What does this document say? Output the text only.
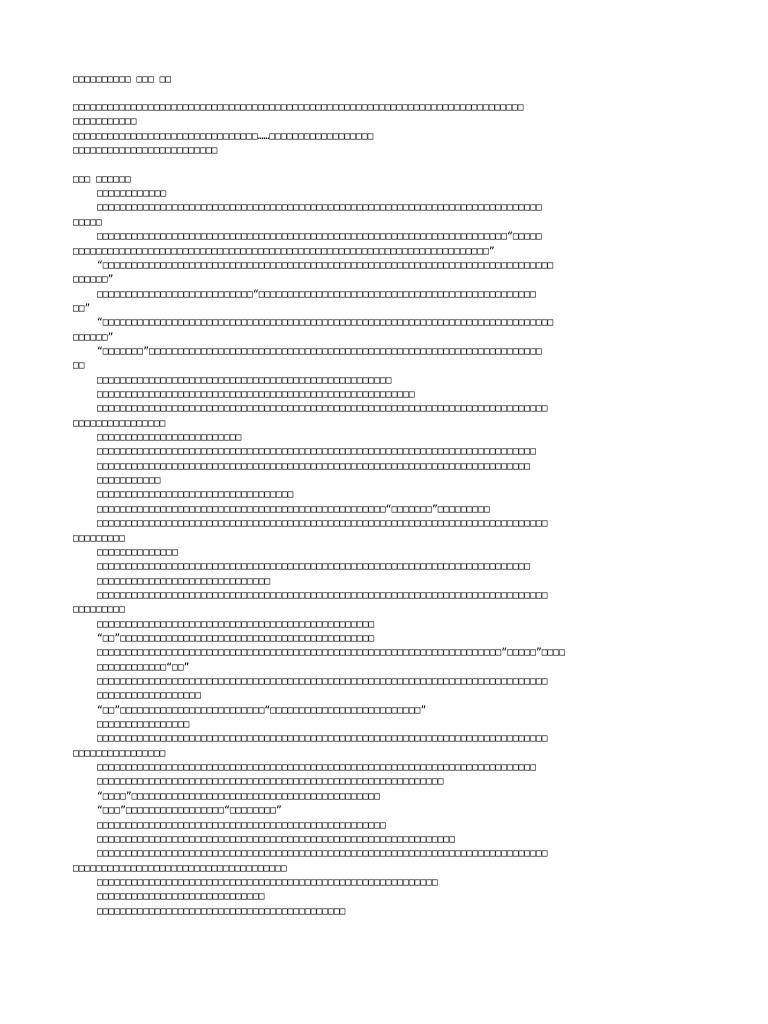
□□□□□□□□□□ □□□ □□
□□□□□□□□□□□□□□□□□□□□□□□□□□□□□□□□□□□□□□□□□□□□□□□□□□□□□□□□□□□□□□□□□□□□□□□□□□□□□□
□□□□□□□□□□□
□□□□□□□□□□□□□□□□□□□□□□□□□□□□□□□□……□□□□□□□□□□□□□□□□□□
□□□□□□□□□□□□□□□□□□□□□□□□□
□□□ □□□□□□
□□□□□□□□□□□□
□□□□□□□□□□□□□□□□□□□□□□□□□□□□□□□□□□□□□□□□□□□□□□□□□□□□□□□□□□□□□□□□□□□□□□□□□□□□□
□□□□□
□□□□□□□□□□□□□□□□□□□□□□□□□□□□□□□□□□□□□□□□□□□□□□□□□□□□□□□□□□□□□□□□□□□□□□□“□□□□□
□□□□□□□□□□□□□□□□□□□□□□□□□□□□□□□□□□□□□□□□□□□□□□□□□□□□□□□□□□□□□□□□□□□□□□□□”
“□□□□□□□□□□□□□□□□□□□□□□□□□□□□□□□□□□□□□□□□□□□□□□□□□□□□□□□□□□□□□□□□□□□□□□□□□□□□□□
□□□□□□”
□□□□□□□□□□□□□□□□□□□□□□□□□□□“□□□□□□□□□□□□□□□□□□□□□□□□□□□□□□□□□□□□□□□□□□□□□□□□
□□”
“□□□□□□□□□□□□□□□□□□□□□□□□□□□□□□□□□□□□□□□□□□□□□□□□□□□□□□□□□□□□□□□□□□□□□□□□□□□□□□
□□□□□□”
“□□□□□□□”□□□□□□□□□□□□□□□□□□□□□□□□□□□□□□□□□□□□□□□□□□□□□□□□□□□□□□□□□□□□□□□□□□□□
□□
□□□□□□□□□□□□□□□□□□□□□□□□□□□□□□□□□□□□□□□□□□□□□□□□□□□
□□□□□□□□□□□□□□□□□□□□□□□□□□□□□□□□□□□□□□□□□□□□□□□□□□□□□□□
□□□□□□□□□□□□□□□□□□□□□□□□□□□□□□□□□□□□□□□□□□□□□□□□□□□□□□□□□□□□□□□□□□□□□□□□□□□□□□
□□□□□□□□□□□□□□□□
□□□□□□□□□□□□□□□□□□□□□□□□□
□□□□□□□□□□□□□□□□□□□□□□□□□□□□□□□□□□□□□□□□□□□□□□□□□□□□□□□□□□□□□□□□□□□□□□□□□□□□
□□□□□□□□□□□□□□□□□□□□□□□□□□□□□□□□□□□□□□□□□□□□□□□□□□□□□□□□□□□□□□□□□□□□□□□□□□□
□□□□□□□□□□□
□□□□□□□□□□□□□□□□□□□□□□□□□□□□□□□□□□
□□□□□□□□□□□□□□□□□□□□□□□□□□□□□□□□□□□□□□□□□□□□□□□□□□“□□□□□□□”□□□□□□□□□
□□□□□□□□□□□□□□□□□□□□□□□□□□□□□□□□□□□□□□□□□□□□□□□□□□□□□□□□□□□□□□□□□□□□□□□□□□□□□□
□□□□□□□□□
□□□□□□□□□□□□□□
□□□□□□□□□□□□□□□□□□□□□□□□□□□□□□□□□□□□□□□□□□□□□□□□□□□□□□□□□□□□□□□□□□□□□□□□□□□
□□□□□□□□□□□□□□□□□□□□□□□□□□□□□□
□□□□□□□□□□□□□□□□□□□□□□□□□□□□□□□□□□□□□□□□□□□□□□□□□□□□□□□□□□□□□□□□□□□□□□□□□□□□□□
□□□□□□□□□
□□□□□□□□□□□□□□□□□□□□□□□□□□□□□□□□□□□□□□□□□□□□□□□□
“□□”□□□□□□□□□□□□□□□□□□□□□□□□□□□□□□□□□□□□□□□□□□□□
□□□□□□□□□□□□□□□□□□□□□□□□□□□□□□□□□□□□□□□□□□□□□□□□□□□□□□□□□□□□□□□□□□□□□□“□□□□□”□□□□
□□□□□□□□□□□□“□□”
□□□□□□□□□□□□□□□□□□□□□□□□□□□□□□□□□□□□□□□□□□□□□□□□□□□□□□□□□□□□□□□□□□□□□□□□□□□□□□
□□□□□□□□□□□□□□□□□□
“□□”□□□□□□□□□□□□□□□□□□□□□□□□□“□□□□□□□□□□□□□□□□□□□□□□□□□□”
□□□□□□□□□□□□□□□□
□□□□□□□□□□□□□□□□□□□□□□□□□□□□□□□□□□□□□□□□□□□□□□□□□□□□□□□□□□□□□□□□□□□□□□□□□□□□□□
□□□□□□□□□□□□□□□□
□□□□□□□□□□□□□□□□□□□□□□□□□□□□□□□□□□□□□□□□□□□□□□□□□□□□□□□□□□□□□□□□□□□□□□□□□□□□
□□□□□□□□□□□□□□□□□□□□□□□□□□□□□□□□□□□□□□□□□□□□□□□□□□□□□□□□□□□□
“□□□□”□□□□□□□□□□□□□□□□□□□□□□□□□□□□□□□□□□□□□□□□□□□
“□□□”□□□□□□□□□□□□□□□□□“□□□□□□□□”
□□□□□□□□□□□□□□□□□□□□□□□□□□□□□□□□□□□□□□□□□□□□□□□□□□
□□□□□□□□□□□□□□□□□□□□□□□□□□□□□□□□□□□□□□□□□□□□□□□□□□□□□□□□□□□□□□
□□□□□□□□□□□□□□□□□□□□□□□□□□□□□□□□□□□□□□□□□□□□□□□□□□□□□□□□□□□□□□□□□□□□□□□□□□□□□□
□□□□□□□□□□□□□□□□□□□□□□□□□□□□□□□□□□□□□
□□□□□□□□□□□□□□□□□□□□□□□□□□□□□□□□□□□□□□□□□□□□□□□□□□□□□□□□□□□
□□□□□□□□□□□□□□□□□□□□□□□□□□□□□
□□□□□□□□□□□□□□□□□□□□□□□□□□□□□□□□□□□□□□□□□□□
